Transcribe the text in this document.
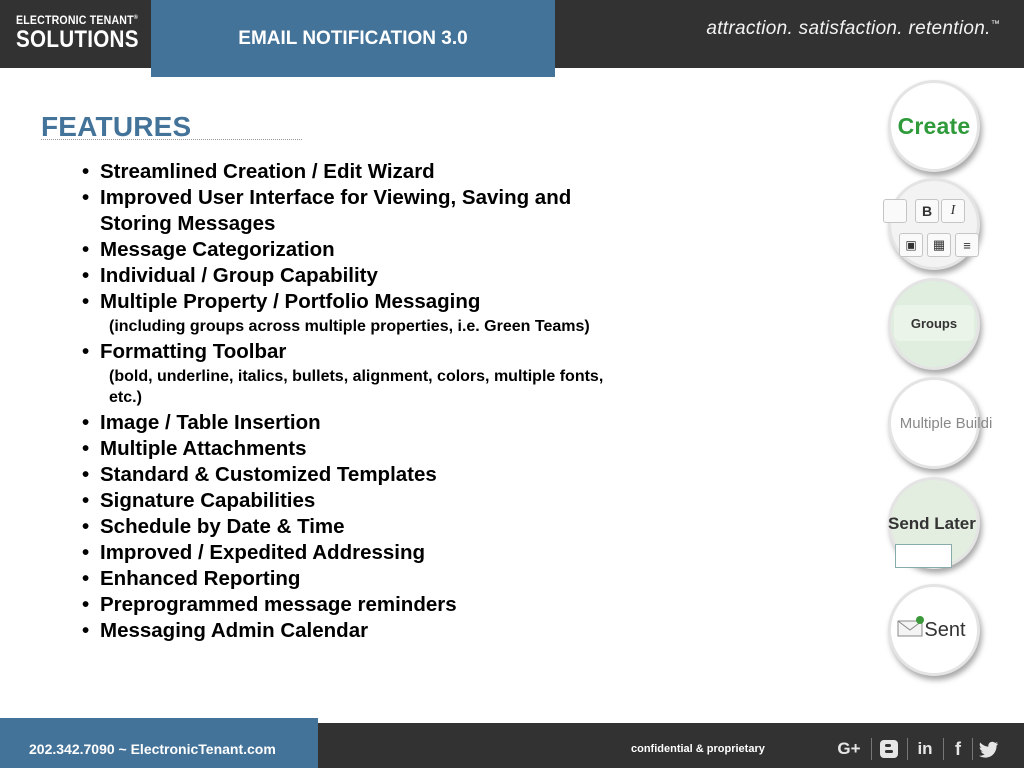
ELECTRONIC TENANT®
SOLUTIONS	EMAIL NOTIFICATION 3.0	attraction. satisfaction. retention.™
FEATURES
• Streamlined Creation / Edit Wizard
• Improved User Interface for Viewing, Saving and Storing Messages
• Message Categorization
• Individual / Group Capability
• Multiple Property / Portfolio Messaging
(including groups across multiple properties, i.e. Green Teams)
• Formatting Toolbar
(bold, underline, italics, bullets, alignment, colors, multiple fonts, etc.)
• Image / Table Insertion
• Multiple Attachments
• Standard & Customized Templates
• Signature Capabilities
• Schedule by Date & Time
• Improved / Expedited Addressing
• Enhanced Reporting
• Preprogrammed message reminders
• Messaging Admin Calendar
Create
B	I
▣	▦	≡
Groups
Multiple Buildi
Send Later
Sent
202.342.7090 ~ ElectronicTenant.com	confidential & proprietary	G+	in f
